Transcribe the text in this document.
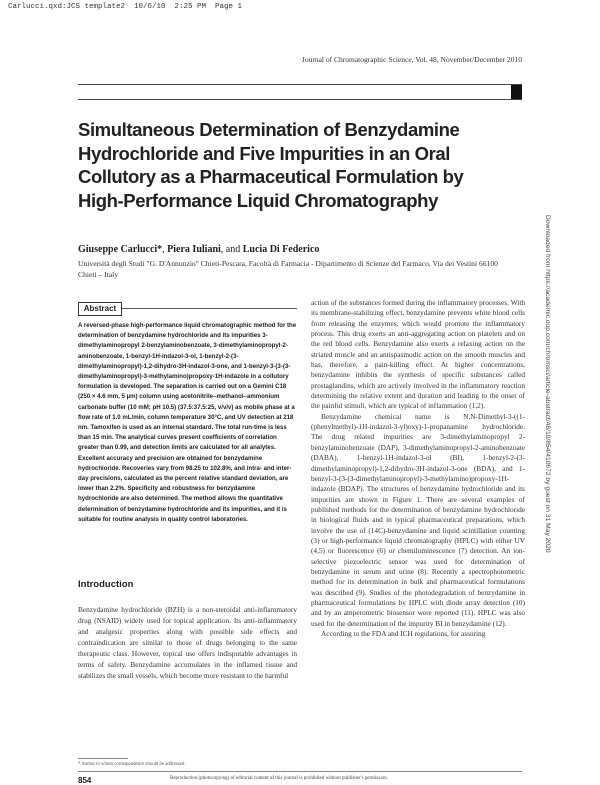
Carlucci.qxd:JCS template2  10/6/10  2:25 PM  Page 1
Journal of Chromatographic Science, Vol. 48, November/December 2010
Simultaneous Determination of Benzydamine Hydrochloride and Five Impurities in an Oral Collutory as a Pharmaceutical Formulation by High-Performance Liquid Chromatography
Giuseppe Carlucci*, Piera Iuliani, and Lucia Di Federico
Università degli Studi "G. D'Annunzio" Chieti-Pescara, Facoltà di Farmacia - Dipartimento di Scienze del Farmaco, Via dei Vestini 66100 Chieti – Italy
Abstract
A reversed-phase high-performance liquid chromatographic method for the determination of benzydamine hydrochloride and its impurities 3-dimethylaminopropyl 2-benzylaminobenzoate, 3-dimethylaminopropyl-2-aminobenzoate, 1-benzyl-1H-indazol-3-ol, 1-benzyl-2-(3-dimethylaminopropyl)-1,2-dihydro-3H-indazol-3-one, and 1-benzyl-3-(3-(3-dimethylaminopropyl)-3-methylamino)propoxy-1H-indazole in a collutory formulation is developed. The separation is carried out on a Gemini C18 (250 × 4.6 mm, 5 µm) column using acetonitrile–methanol–ammonium carbonate buffer (10 mM; pH 10.5) (37.5:37.5:25, v/v/v) as mobile phase at a flow rate of 1.0 mL/min, column temperature 30°C, and UV detection at 218 nm. Tamoxifen is used as an internal standard. The total run-time is less than 15 min. The analytical curves present coefficients of correlation greater than 0.99, and detection limits are calculated for all analytes. Excellent accuracy and precision are obtained for benzydamine hydrochloride. Recoveries vary from 98.25 to 102.8%, and intra- and inter-day precisions, calculated as the percent relative standard deviation, are lower than 2.2%. Specificity and robustness for benzydamine hydrochloride are also determined. The method allows the quantitative determination of benzydamine hydrochloride and its impurities, and it is suitable for routine analysis in quality control laboratories.
Introduction
Benzydamine hydrochloride (BZH) is a non-steroidal anti-inflammatory drug (NSAID) widely used for topical application. Its anti-inflammatory and analgesic properties along with possible side effects and contraindication are similar to those of drugs belonging to the same therapeutic class. However, topical use offers indisputable advantages in terms of safety. Benzydamine accumulates in the inflamed tissue and stabilizes the small vessels, which become more resistant to the harmful

action of the substances formed during the inflammatory processes. With its membrane-stabilizing effect, benzydamine prevents white blood cells from releasing the enzymes, which would promote the inflammatory process. This drug exerts an anti-aggregating action on platelets and on the red blood cells. Benzydamine also exerts a relaxing action on the striated muscle and an antispasmodic action on the smooth muscles and has, therefore, a pain-killing effect. At higher concentrations, benzydamine inhibits the synthesis of specific substances called prostaglandins, which are actively involved in the inflammatory reaction determining the relative extent and duration and leading to the onset of the painful stimuli, which are typical of inflammation (1,2).

Benzydamine chemical name is N,N-Dimethyl-3-((1-(phenylmethyl)-1H-indazol-3-yl)oxy)-1-propanamine hydrochloride. The drug related impurities are 3-dimethylaminopropyl 2-benzylaminobenzoate (DAP), 3-dimethylaminopropyl-2-aminobenzoate (DABA), 1-benzyl-1H-indazol-3-ol (BI), 1-benzyl-2-(3-dimethylaminopropyl)-1,2-dihydro-3H-indazol-3-one (BDA), and 1-benzyl-3-(3-(3-dimethylaminopropyl)-3-methylamino)propoxy-1H-indazole (BDAP). The structures of benzydamine hydrochloride and its impurities are shown in Figure 1. There are several examples of published methods for the determination of benzydamine hydrochloride in biological fluids and in typical pharmaceutical preparations, which involve the use of (14C)-benzydamine and liquid scintillation counting (3) or high-performance liquid chromatography (HPLC) with either UV (4,5) or fluorescence (6) or chemiluminescence (7) detection. An ion-selective piezoelectric sensor was used for determination of benzydamine in serum and urine (8). Recently a spectrophotometric method for its determination in bulk and pharmaceutical formulations was described (9). Studies of the photodegradation of benzydamine in pharmaceutical formulations by HPLC with diode array detection (10) and by an amperometric biosensor were reported (11). HPLC was also used for the determination of the impurity BI in benzydamine (12).

According to the FDA and ICH regulations, for assuring

* Author to whom correspondence should be addressed.
854	Reproduction (photocopying) of editorial content of this journal is prohibited without publisher's permission.
Downloaded from https://academic.oup.com/chromsci/article-abstract/48/10/854/410672 by guest on 31 May 2020
